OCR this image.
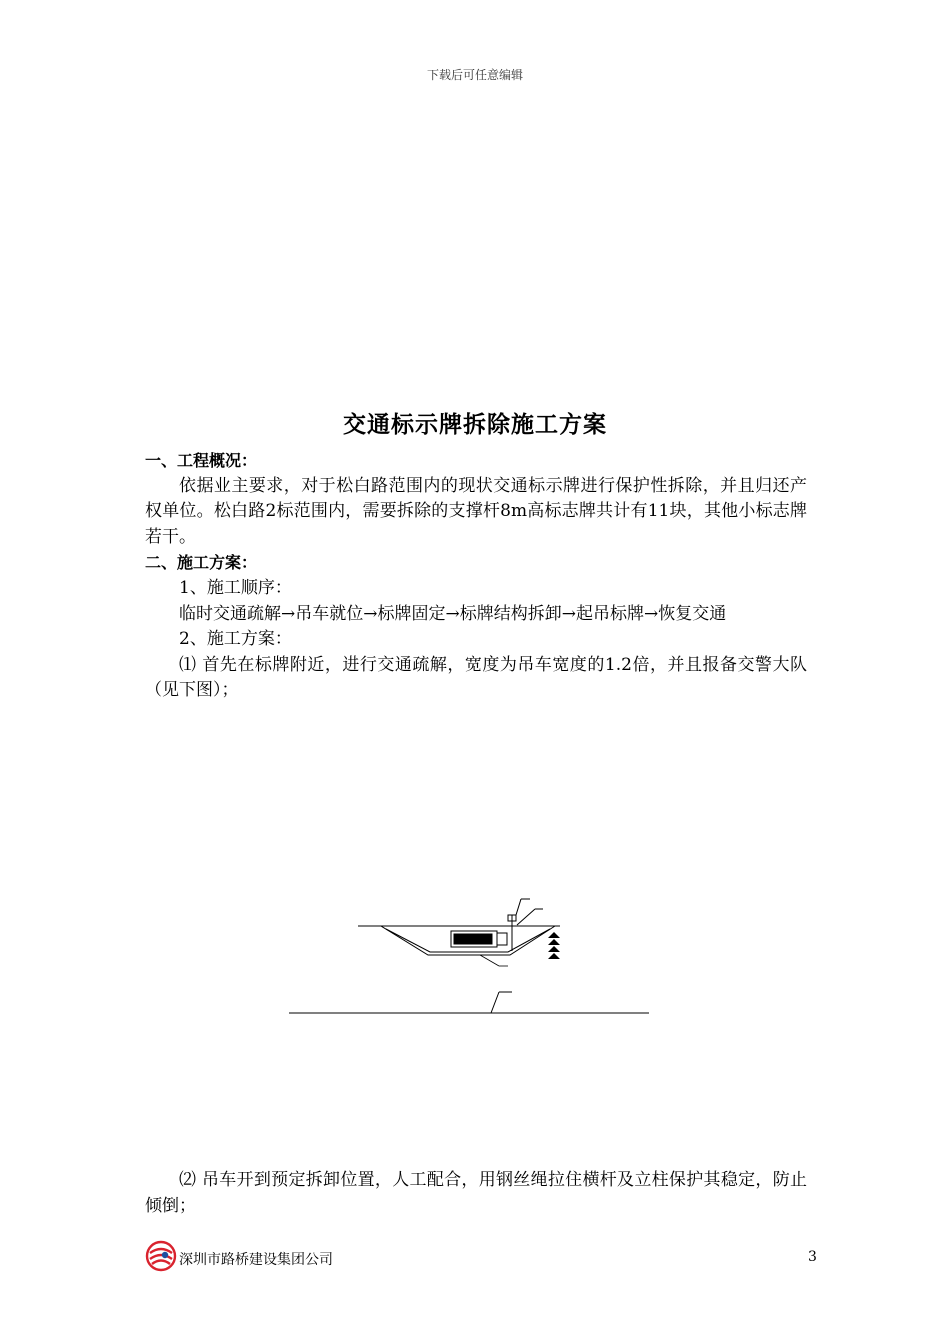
下载后可任意编辑
交通标示牌拆除施工方案

一、工程概况：

依据业主要求，对于松白路范围内的现状交通标示牌进行保护性拆除，并且归还产权单位。松白路2标范围内，需要拆除的支撑杆8m高标志牌共计有11块，其他小标志牌若干。

二、施工方案：

1、施工顺序：

临时交通疏解→吊车就位→标牌固定→标牌结构拆卸→起吊标牌→恢复交通

2、施工方案：

⑴ 首先在标牌附近，进行交通疏解，宽度为吊车宽度的1.2倍，并且报备交警大队（见下图）；

⑵ 吊车开到预定拆卸位置，人工配合，用钢丝绳拉住横杆及立柱保护其稳定，防止倾倒；

深圳市路桥建设集团公司	3
